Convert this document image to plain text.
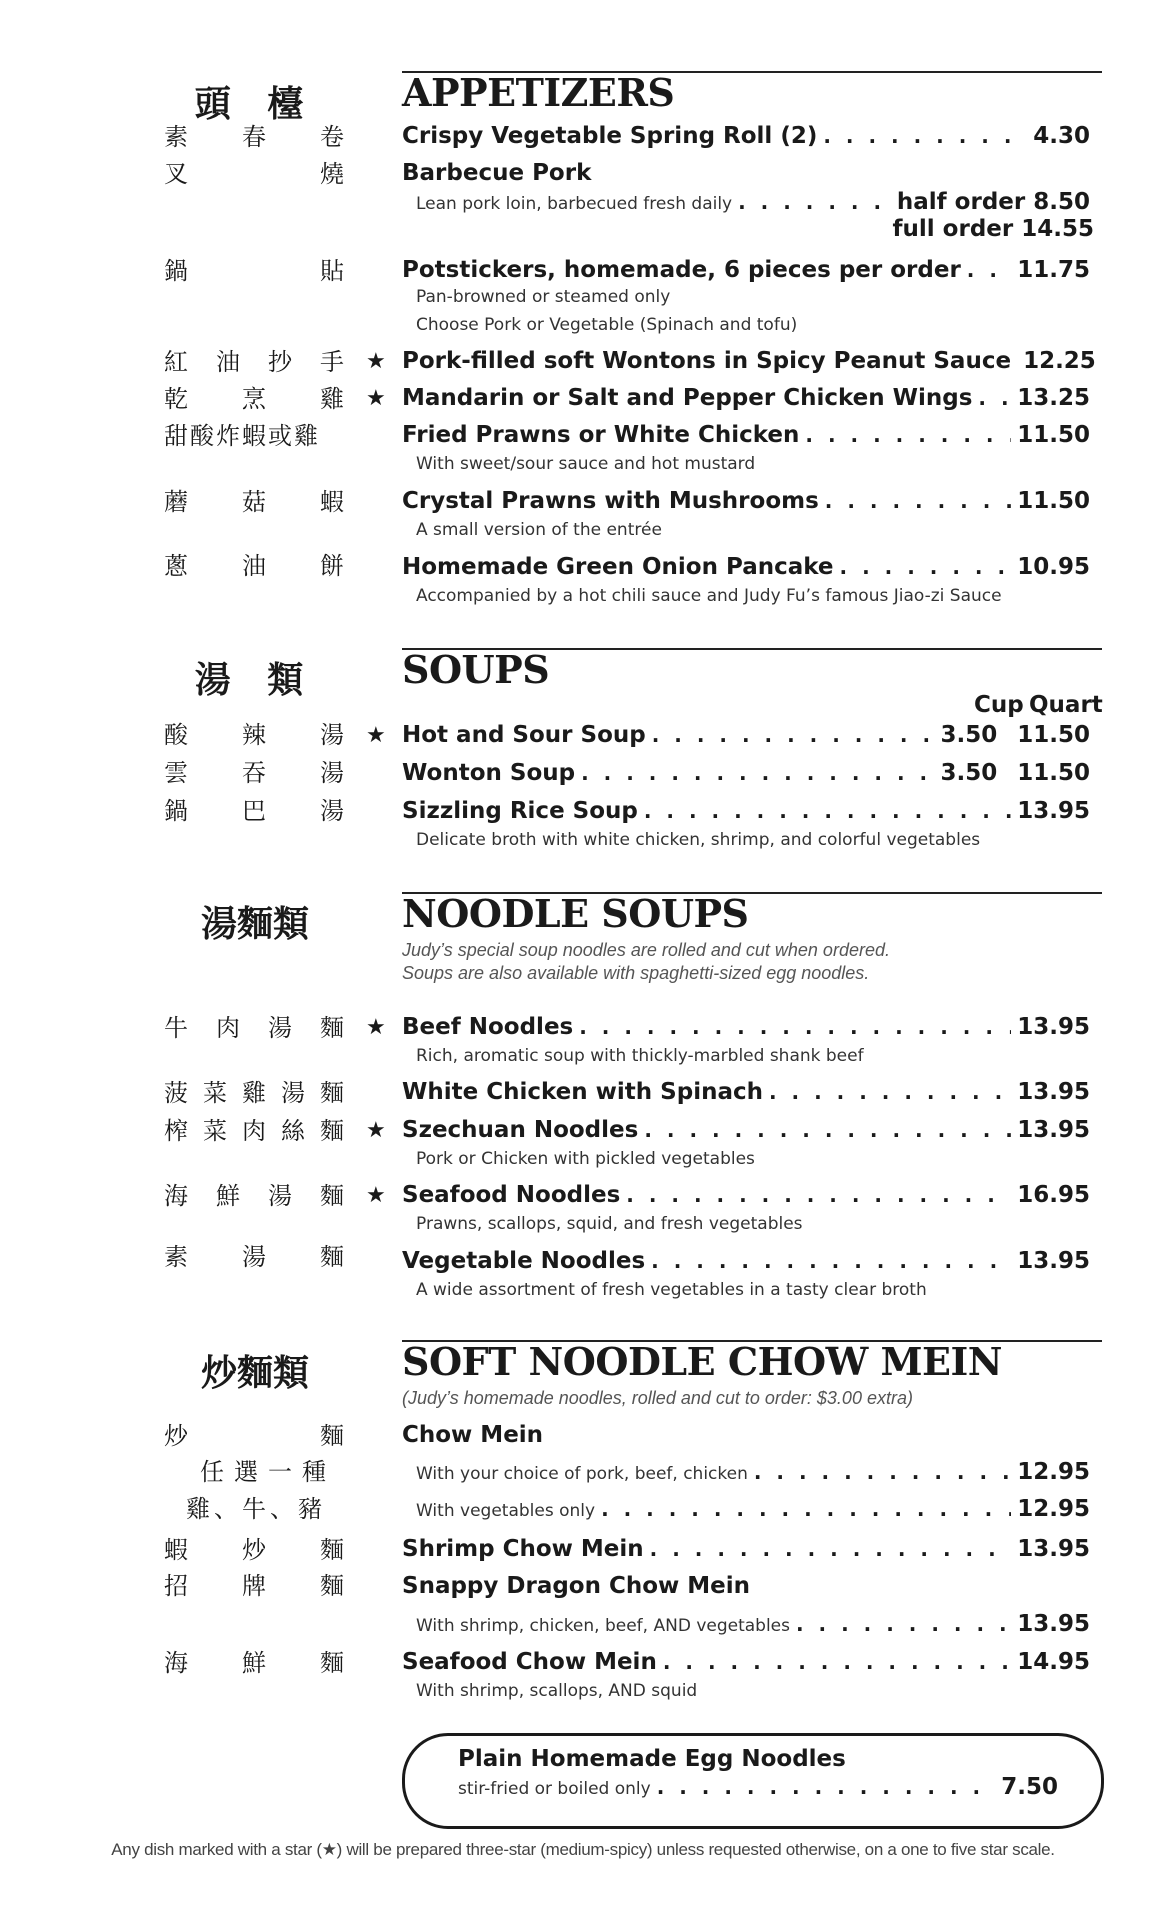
頭 檯	APPETIZERS
素 春 卷	Crispy Vegetable Spring Roll (2) . . .	4.30
叉	燒	Barbecue Pork
Lean pork loin, barbecued fresh daily . . .	half order 8.50
full order 14.55
鍋	貼	Potstickers, homemade, 6 pieces per order . . . 11.75
Pan-browned or steamed only
Choose Pork or Vegetable (Spinach and tofu)
紅 油 抄 手 ★ Pork-filled soft Wontons in Spicy Peanut Sauce 12.25
乾 烹 雞 ★ Mandarin or Salt and Pepper Chicken Wings . . . 13.25
甜酸炸蝦或雞	Fried Prawns or White Chicken . . .	11.50
With sweet/sour sauce and hot mustard
蘑 菇 蝦	Crystal Prawns with Mushrooms . . .	11.50
A small version of the entrée
蔥 油 餅	Homemade Green Onion Pancake . . .	10.95
Accompanied by a hot chili sauce and Judy Fu’s famous Jiao-zi Sauce
湯 類	SOUPS
Cup Quart
酸 辣 湯 ★ Hot and Sour Soup . . .	3.50 11.50
雲 吞 湯	Wonton Soup . . .	3.50 11.50
鍋 巴 湯	Sizzling Rice Soup . . .	13.95
Delicate broth with white chicken, shrimp, and colorful vegetables
湯麵類	NOODLE SOUPS
Judy’s special soup noodles are rolled and cut when ordered.
Soups are also available with spaghetti-sized egg noodles.
牛 肉 湯 麵 ★ Beef Noodles . . .	13.95
Rich, aromatic soup with thickly-marbled shank beef
菠 菜 雞 湯 麵	White Chicken with Spinach . . .	13.95
榨 菜 肉 絲 麵 ★ Szechuan Noodles . . .	13.95
Pork or Chicken with pickled vegetables
海 鮮 湯 麵 ★ Seafood Noodles . . .	16.95
Prawns, scallops, squid, and fresh vegetables
素 湯 麵	Vegetable Noodles . . .	13.95
A wide assortment of fresh vegetables in a tasty clear broth
炒麵類	SOFT NOODLE CHOW MEIN
(Judy’s homemade noodles, rolled and cut to order: $3.00 extra)
炒	麵	Chow Mein
任選一種	With your choice of pork, beef, chicken . . .	12.95
雞、牛、豬	With vegetables only . . .	12.95
蝦 炒 麵	Shrimp Chow Mein . . .	13.95
招 牌 麵	Snappy Dragon Chow Mein
With shrimp, chicken, beef, AND vegetables . . .	13.95
海 鮮 麵	Seafood Chow Mein . . .	14.95
With shrimp, scallops, AND squid
Plain Homemade Egg Noodles
stir-fried or boiled only . . .	7.50
Any dish marked with a star (★) will be prepared three-star (medium-spicy) unless requested otherwise, on a one to five star scale.
